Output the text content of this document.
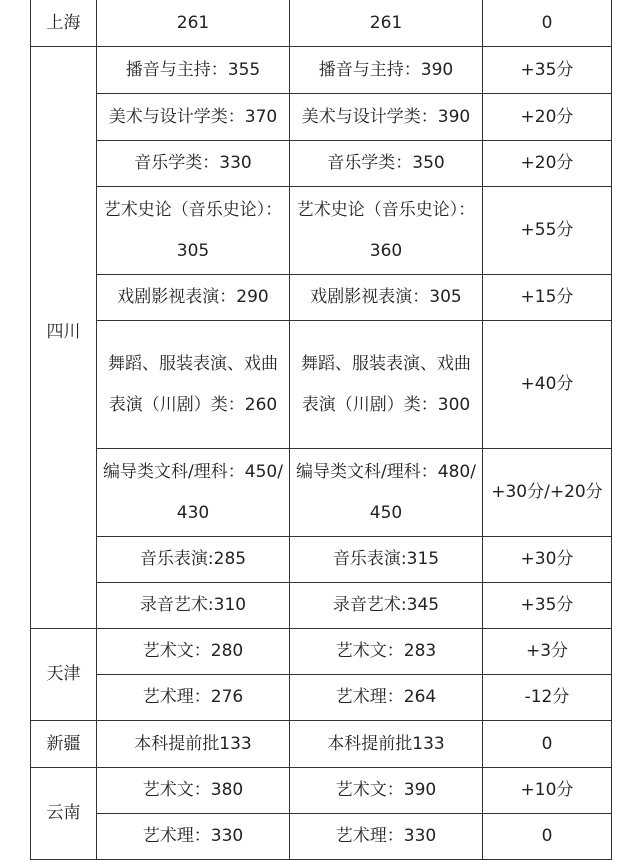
上海	261	261	0
四川	播音与主持：355	播音与主持：390	+35分
	美术与设计学类：370	美术与设计学类：390	+20分
	音乐学类：330	音乐学类：350	+20分
	艺术史论（音乐史论）：305	艺术史论（音乐史论）：360	+55分
	戏剧影视表演：290	戏剧影视表演：305	+15分
	舞蹈、服装表演、戏曲表演（川剧）类：260	舞蹈、服装表演、戏曲表演（川剧）类：300	+40分
	编导类文科/理科：450/430	编导类文科/理科：480/450	+30分/+20分
	音乐表演:285	音乐表演:315	+30分
	录音艺术:310	录音艺术:345	+35分
天津	艺术文：280	艺术文：283	+3分
	艺术理：276	艺术理：264	-12分
新疆	本科提前批133	本科提前批133	0
云南	艺术文：380	艺术文：390	+10分
	艺术理：330	艺术理：330	0
